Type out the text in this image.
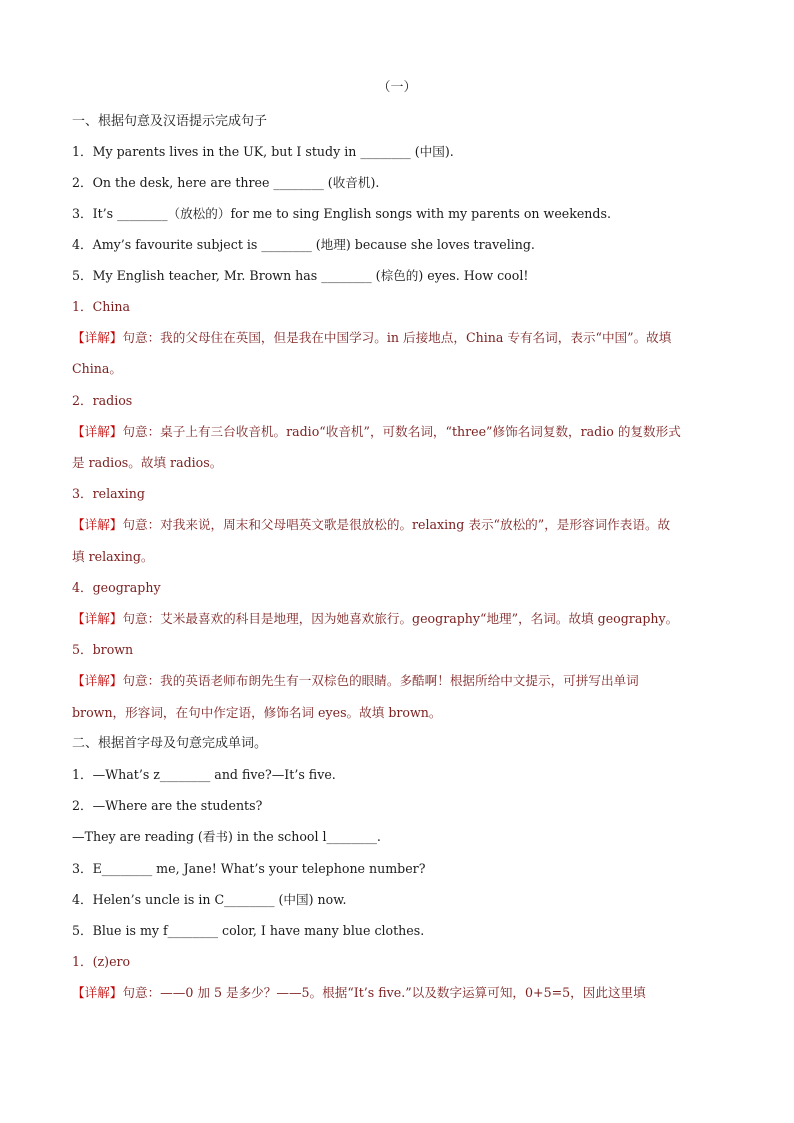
（一）
一、根据句意及汉语提示完成句子
1．My parents lives in the UK, but I study in ________ (中国).
2．On the desk, here are three ________ (收音机).
3．It’s ________（放松的）for me to sing English songs with my parents on weekends.
4．Amy’s favourite subject is ________ (地理) because she loves traveling.
5．My English teacher, Mr. Brown has ________ (棕色的) eyes. How cool!
1．China
【详解】句意：我的父母住在英国，但是我在中国学习。in 后接地点，China 专有名词，表示“中国”。故填
China。
2．radios
【详解】句意：桌子上有三台收音机。radio“收音机”，可数名词，“three”修饰名词复数，radio 的复数形式
是 radios。故填 radios。
3．relaxing
【详解】句意：对我来说，周末和父母唱英文歌是很放松的。relaxing 表示“放松的”，是形容词作表语。故
填 relaxing。
4．geography
【详解】句意：艾米最喜欢的科目是地理，因为她喜欢旅行。geography“地理”，名词。故填 geography。
5．brown
【详解】句意：我的英语老师布朗先生有一双棕色的眼睛。多酷啊！根据所给中文提示，可拼写出单词
brown，形容词，在句中作定语，修饰名词 eyes。故填 brown。
二、根据首字母及句意完成单词。
1．—What’s z________ and five?—It’s five.
2．—Where are the students?
—They are reading (看书) in the school l________.
3．E________ me, Jane! What’s your telephone number?
4．Helen’s uncle is in C________ (中国) now.
5．Blue is my f________ color, I have many blue clothes.
1．(z)ero
【详解】句意：——0 加 5 是多少？——5。根据“It’s five.”以及数字运算可知，0+5=5，因此这里填
